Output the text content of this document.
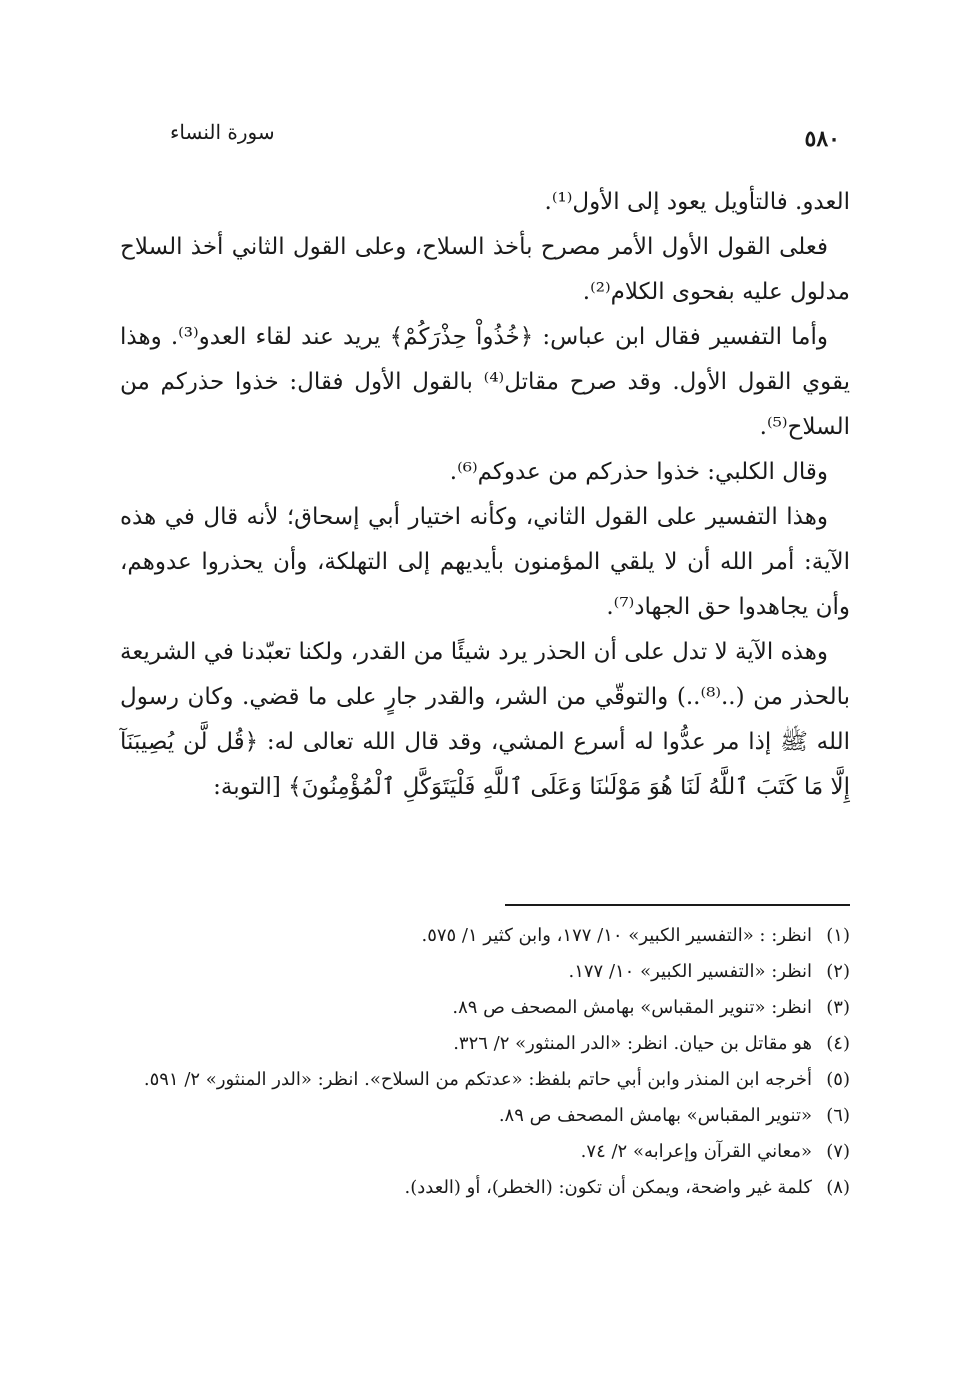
٥٨٠
سورة النساء

العدو. فالتأويل يعود إلى الأول⁽¹⁾.

فعلى القول الأول الأمر مصرح بأخذ السلاح، وعلى القول الثاني أخذ السلاح مدلول عليه بفحوى الكلام⁽²⁾.

وأما التفسير فقال ابن عباس: ﴿خُذُواْ حِذْرَكُمْ﴾ يريد عند لقاء العدو⁽³⁾. وهذا يقوي القول الأول. وقد صرح مقاتل⁽⁴⁾ بالقول الأول فقال: خذوا حذركم من السلاح⁽⁵⁾.

وقال الكلبي: خذوا حذركم من عدوكم⁽⁶⁾.

وهذا التفسير على القول الثاني، وكأنه اختيار أبي إسحاق؛ لأنه قال في هذه الآية: أمر الله أن لا يلقي المؤمنون بأيديهم إلى التهلكة، وأن يحذروا عدوهم، وأن يجاهدوا حق الجهاد⁽⁷⁾.

وهذه الآية لا تدل على أن الحذر يرد شيئًا من القدر، ولكنا تعبّدنا في الشريعة بالحذر من (..⁽⁸⁾..) والتوقّي من الشر، والقدر جارٍ على ما قضي. وكان رسول الله ﷺ إذا مر عدُّوا له أسرع المشي، وقد قال الله تعالى له: ﴿قُل لَّن يُصِيبَنَآ إِلَّا مَا كَتَبَ ٱللَّهُ لَنَا هُوَ مَوْلَىٰنَا وَعَلَى ٱللَّهِ فَلْيَتَوَكَّلِ ٱلْمُؤْمِنُونَ﴾ [التوبة:

(١)
انظر: : «التفسير الكبير» ١٠/ ١٧٧، وابن كثير ١/ ٥٧٥.
(٢)
انظر: «التفسير الكبير» ١٠/ ١٧٧.
(٣)
انظر: «تنوير المقباس» بهامش المصحف ص ٨٩.
(٤)
هو مقاتل بن حيان. انظر: «الدر المنثور» ٢/ ٣٢٦.
(٥)
أخرجه ابن المنذر وابن أبي حاتم بلفظ: «عدتكم من السلاح». انظر: «الدر المنثور» ٢/ ٥٩١.
(٦)
«تنوير المقباس» بهامش المصحف ص ٨٩.
(٧)
«معاني القرآن وإعرابه» ٢/ ٧٤.
(٨)
كلمة غير واضحة، ويمكن أن تكون: (الخطر)، أو (العدد).
